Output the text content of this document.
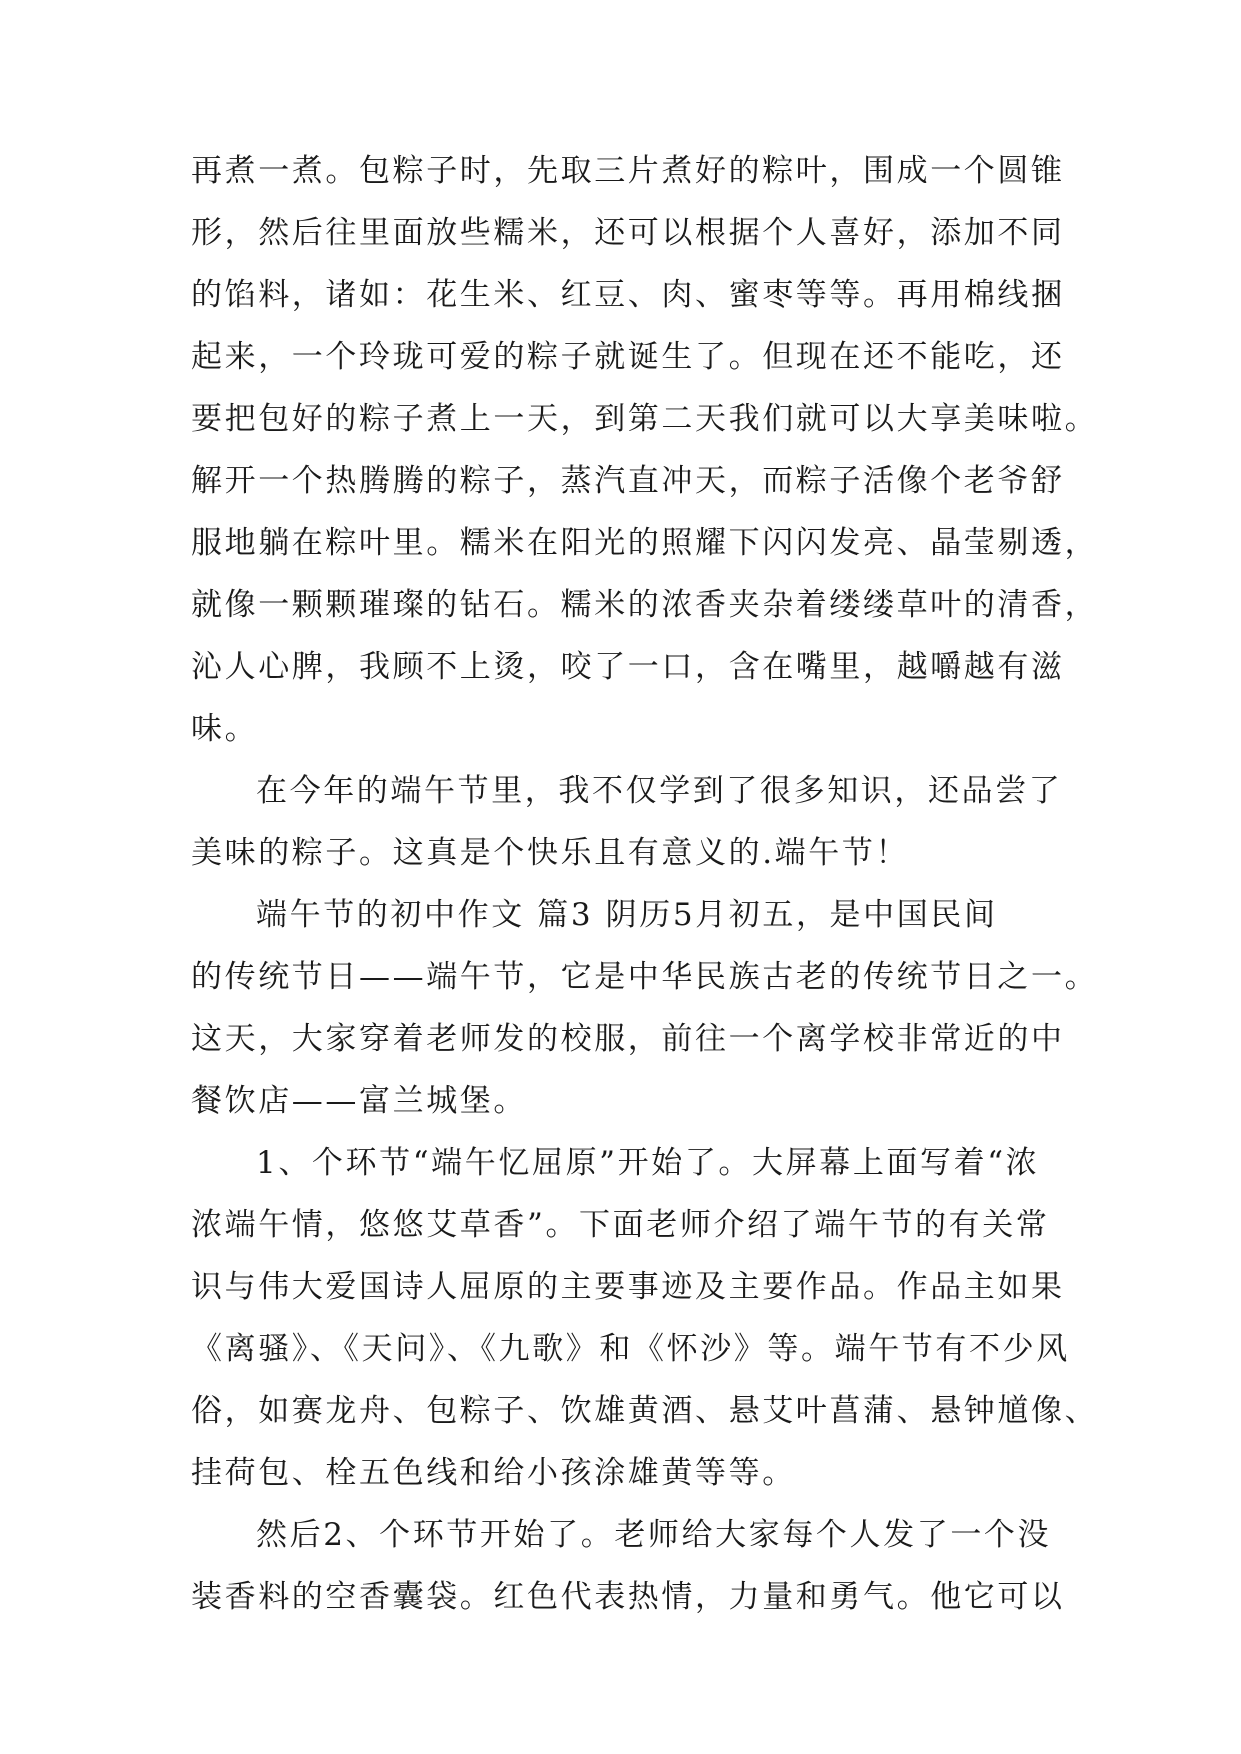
再煮一煮。包粽子时，先取三片煮好的粽叶，围成一个圆锥
形，然后往里面放些糯米，还可以根据个人喜好，添加不同
的馅料，诸如：花生米、红豆、肉、蜜枣等等。再用棉线捆
起来，一个玲珑可爱的粽子就诞生了。但现在还不能吃，还
要把包好的粽子煮上一天，到第二天我们就可以大享美味啦。
解开一个热腾腾的粽子，蒸汽直冲天，而粽子活像个老爷舒
服地躺在粽叶里。糯米在阳光的照耀下闪闪发亮、晶莹剔透，
就像一颗颗璀璨的钻石。糯米的浓香夹杂着缕缕草叶的清香，
沁人心脾，我顾不上烫，咬了一口，含在嘴里，越嚼越有滋
味。
在今年的端午节里，我不仅学到了很多知识，还品尝了
美味的粽子。这真是个快乐且有意义的.端午节！
端午节的初中作文 篇3 阴历5月初五，是中国民间
的传统节日——端午节，它是中华民族古老的传统节日之一。
这天，大家穿着老师发的校服，前往一个离学校非常近的中
餐饮店——富兰城堡。
1、个环节“端午忆屈原”开始了。大屏幕上面写着“浓
浓端午情，悠悠艾草香”。下面老师介绍了端午节的有关常
识与伟大爱国诗人屈原的主要事迹及主要作品。作品主如果
《离骚》、《天问》、《九歌》和《怀沙》等。端午节有不少风
俗，如赛龙舟、包粽子、饮雄黄酒、悬艾叶菖蒲、悬钟馗像、
挂荷包、栓五色线和给小孩涂雄黄等等。
然后2、个环节开始了。老师给大家每个人发了一个没
装香料的空香囊袋。红色代表热情，力量和勇气。他它可以
